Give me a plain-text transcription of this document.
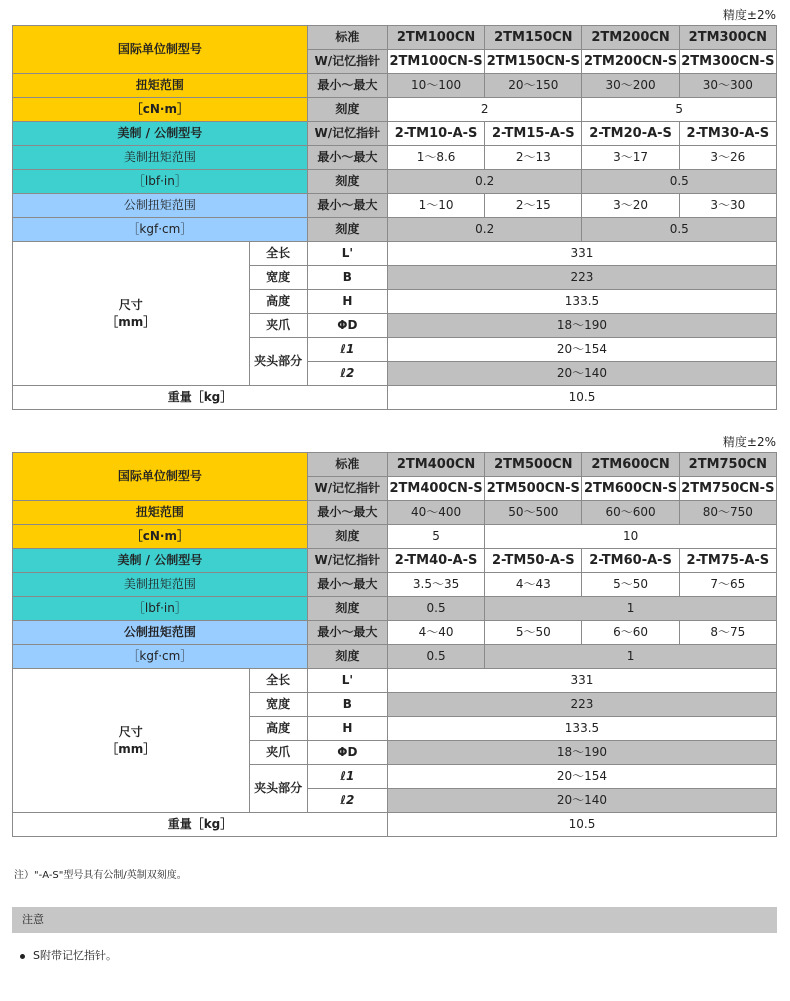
精度±2%
国际单位制型号		标准	2TM100CN	2TM150CN	2TM200CN	2TM300CN
		W/记忆指针	2TM100CN-S	2TM150CN-S	2TM200CN-S	2TM300CN-S
扭矩范围		最小～最大	10～100	20～150	30～200	30～300
［cN·m］		刻度	2		5	
美制 / 公制型号		W/记忆指针	2-TM10-A-S	2-TM15-A-S	2-TM20-A-S	2-TM30-A-S
美制扭矩范围		最小～最大	1～8.6	2～13	3～17	3～26
［lbf·in］		刻度	0.2		0.5	
公制扭矩范围		最小～最大	1～10	2～15	3～20	3～30
［kgf·cm］		刻度	0.2		0.5	

尺寸
［mm］	全长	L'	331			
	宽度	B	223			
	高度	H	133.5			
	夹爪	ΦD	18～190			
	夹头部分	ℓ1	20～154			
		ℓ2	20～140			
重量［kg］			10.5			
精度±2%
国际单位制型号		标准	2TM400CN	2TM500CN	2TM600CN	2TM750CN
		W/记忆指针	2TM400CN-S	2TM500CN-S	2TM600CN-S	2TM750CN-S
扭矩范围		最小～最大	40～400	50～500	60～600	80～750
［cN·m］		刻度	5	10		
美制 / 公制型号		W/记忆指针	2-TM40-A-S	2-TM50-A-S	2-TM60-A-S	2-TM75-A-S
美制扭矩范围		最小～最大	3.5～35	4～43	5～50	7～65
［lbf·in］		刻度	0.5	1		
公制扭矩范围		最小～最大	4～40	5～50	6～60	8～75
［kgf·cm］		刻度	0.5	1		

尺寸
［mm］	全长	L'	331			
	宽度	B	223			
	高度	H	133.5			
	夹爪	ΦD	18～190			
	夹头部分	ℓ1	20～154			
		ℓ2	20～140			
重量［kg］			10.5			
注）"-A-S"型号具有公制/英制双刻度。
注意
S附带记忆指针。
